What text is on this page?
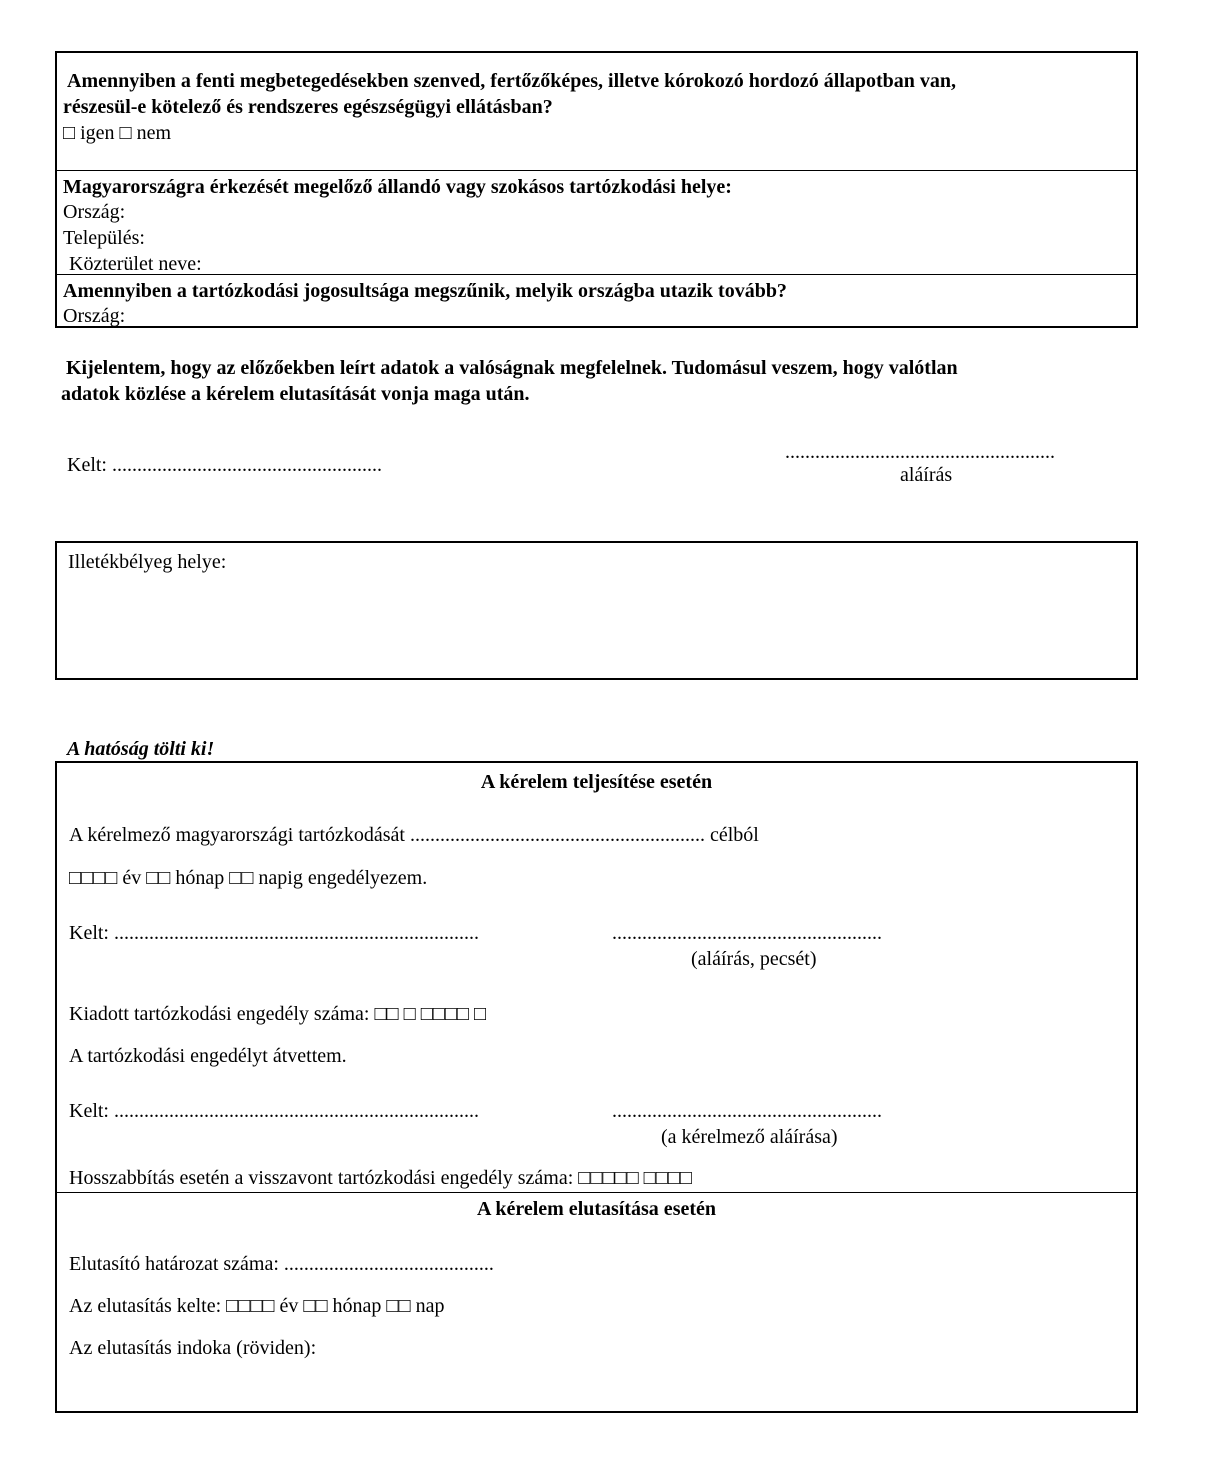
Amennyiben a fenti megbetegedésekben szenved, fertőzőképes, illetve kórokozó hordozó állapotban van,
részesül-e kötelező és rendszeres egészségügyi ellátásban?
□ igen □ nem
Magyarországra érkezését megelőző állandó vagy szokásos tartózkodási helye:
Ország:
Település:
Közterület neve:
Amennyiben a tartózkodási jogosultsága megszűnik, melyik országba utazik tovább?
Ország:
Kijelentem, hogy az előzőekben leírt adatok a valóságnak megfelelnek. Tudomásul veszem, hogy valótlan
adatok közlése a kérelem elutasítását vonja maga után.
Kelt: ......................................................
......................................................
aláírás
Illetékbélyeg helye:
A hatóság tölti ki!
A kérelem teljesítése esetén
A kérelmező magyarországi tartózkodását ........................................................... célból
□□□□ év □□ hónap □□ napig engedélyezem.
Kelt: .........................................................................	......................................................
(aláírás, pecsét)
Kiadott tartózkodási engedély száma: □□ □ □□□□ □
A tartózkodási engedélyt átvettem.
Kelt: .........................................................................	......................................................
(a kérelmező aláírása)
Hosszabbítás esetén a visszavont tartózkodási engedély száma: □□□□□ □□□□
A kérelem elutasítása esetén
Elutasító határozat száma: ..........................................
Az elutasítás kelte: □□□□ év □□ hónap □□ nap
Az elutasítás indoka (röviden):
